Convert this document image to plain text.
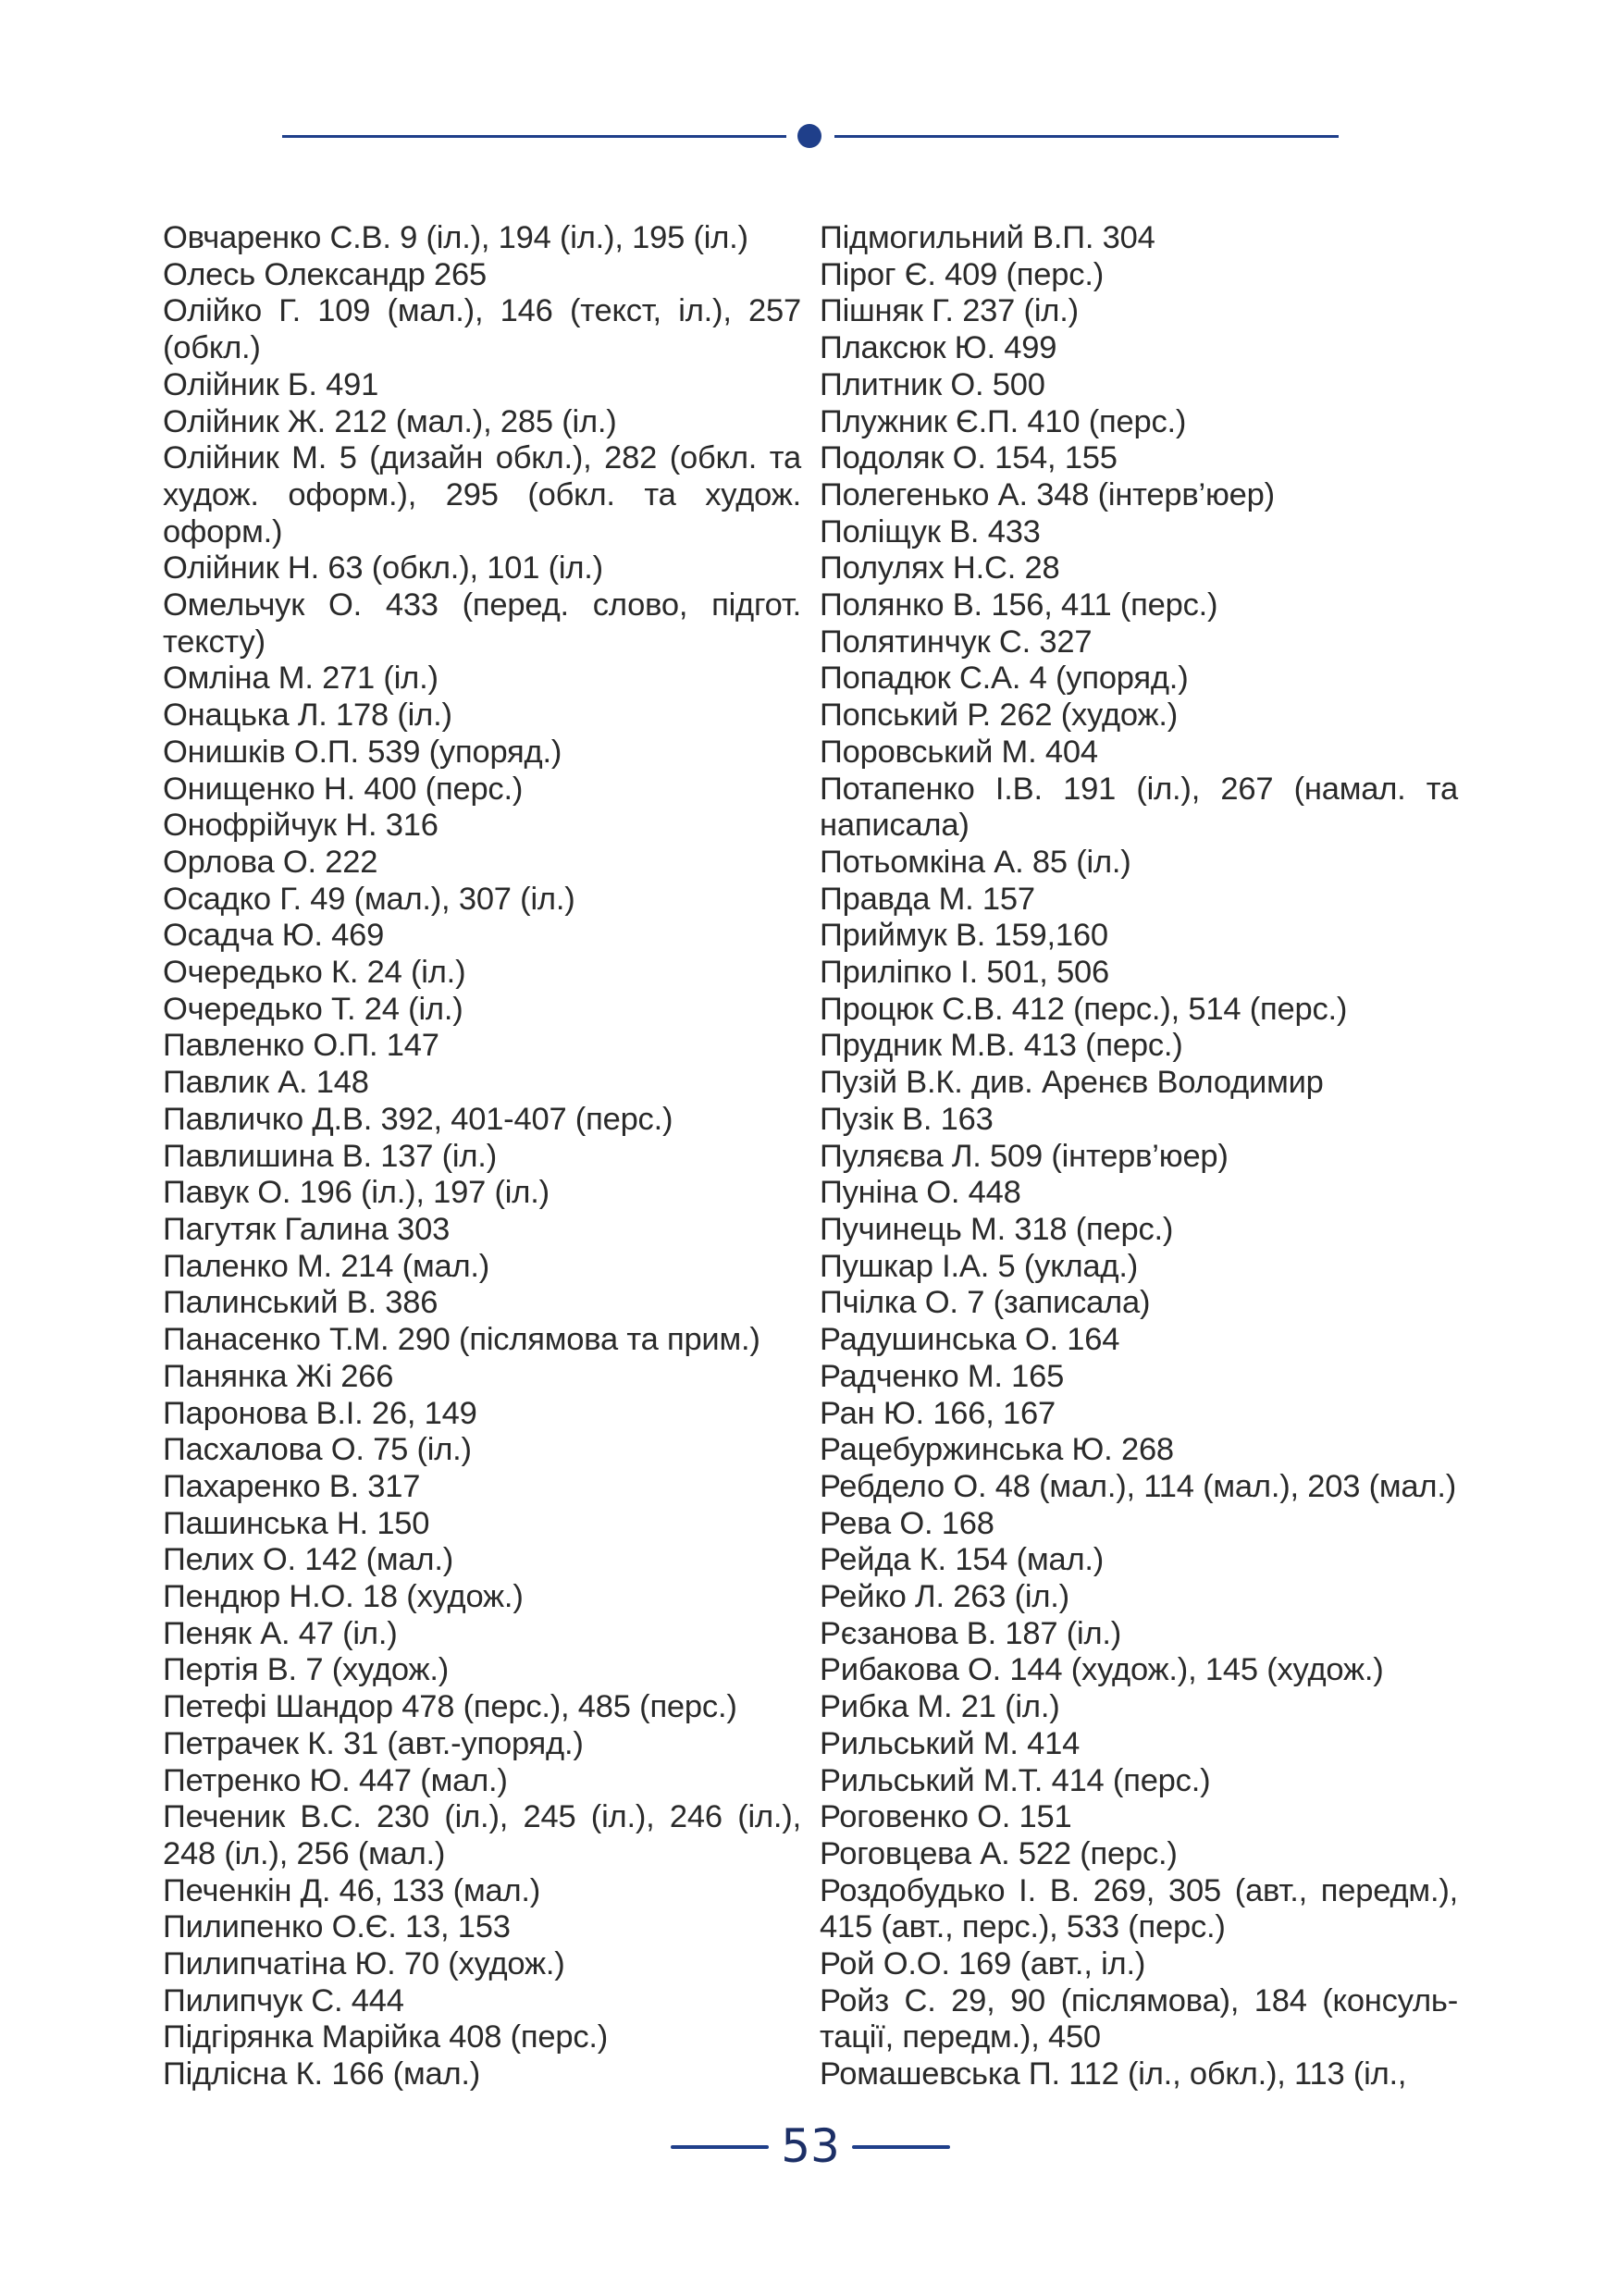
Овчаренко С.В. 9 (іл.), 194 (іл.), 195 (іл.)

Олесь Олександр 265

Олійко Г. 109 (мал.), 146 (текст, іл.), 257 (обкл.)

Олійник Б. 491

Олійник Ж. 212 (мал.), 285 (іл.)

Олійник М. 5 (дизайн обкл.), 282 (обкл. та худож. оформ.), 295 (обкл. та худож. оформ.)

Олійник Н. 63 (обкл.), 101 (іл.)

Омельчук О. 433 (перед. слово, підгот. тексту)

Омліна М. 271 (іл.)

Онацька Л. 178 (іл.)

Онишків О.П. 539 (упоряд.)

Онищенко Н. 400 (перс.)

Онофрійчук Н. 316

Орлова О. 222

Осадко Г. 49 (мал.), 307 (іл.)

Осадча Ю. 469

Очередько К. 24 (іл.)

Очередько Т. 24 (іл.)

Павленко О.П. 147

Павлик А. 148

Павличко Д.В. 392, 401-407 (перс.)

Павлишина В. 137 (іл.)

Павук О. 196 (іл.), 197 (іл.)

Пагутяк Галина 303

Паленко М. 214 (мал.)

Палинський В. 386

Панасенко Т.М. 290 (післямова та прим.)

Панянка Жі 266

Паронова В.І. 26, 149

Пасхалова О. 75 (іл.)

Пахаренко В. 317

Пашинська Н. 150

Пелих О. 142 (мал.)

Пендюр Н.О. 18 (худож.)

Пеняк А. 47 (іл.)

Пертія В. 7 (худож.)

Петефі Шандор 478 (перс.), 485 (перс.)

Петрачек К. 31 (авт.-упоряд.)

Петренко Ю. 447 (мал.)

Печеник В.С. 230 (іл.), 245 (іл.), 246 (іл.), 248 (іл.), 256 (мал.)

Печенкін Д. 46, 133 (мал.)

Пилипенко О.Є. 13, 153

Пилипчатіна Ю. 70 (худож.)

Пилипчук С. 444

Підгірянка Марійка 408 (перс.)

Підлісна К. 166 (мал.)

Підмогильний В.П. 304

Пірог Є. 409 (перс.)

Пішняк Г. 237 (іл.)

Плаксюк Ю. 499

Плитник О. 500

Плужник Є.П. 410 (перс.)

Подоляк О. 154, 155

Полегенько А. 348 (інтерв’юер)

Поліщук В. 433

Полулях Н.С. 28

Полянко В. 156, 411 (перс.)

Полятинчук С. 327

Попадюк С.А. 4 (упоряд.)

Попський Р. 262 (худож.)

Поровський М. 404

Потапенко І.В. 191 (іл.), 267 (намал. та написала)

Потьомкіна А. 85 (іл.)

Правда М. 157

Приймук В. 159,160

Приліпко І. 501, 506

Процюк С.В. 412 (перс.), 514 (перс.)

Прудник М.В. 413 (перс.)

Пузій В.К. див. Аренєв Володимир

Пузік В. 163

Пуляєва Л. 509 (інтерв’юер)

Пуніна О. 448

Пучинець М. 318 (перс.)

Пушкар І.А. 5 (уклад.)

Пчілка О. 7 (записала)

Радушинська О. 164

Радченко М. 165

Ран Ю. 166, 167

Рацебуржинська Ю. 268

Ребдело О. 48 (мал.), 114 (мал.), 203 (мал.)

Рева О. 168

Рейда К. 154 (мал.)

Рейко Л. 263 (іл.)

Рєзанова В. 187 (іл.)

Рибакова О. 144 (худож.), 145 (худож.)

Рибка М. 21 (іл.)

Рильський М. 414

Рильський М.Т. 414 (перс.)

Роговенко О. 151

Роговцева А. 522 (перс.)

Роздобудько І. В. 269, 305 (авт., передм.), 415 (авт., перс.), 533 (перс.)

Рой О.О. 169 (авт., іл.)

Ройз С. 29, 90 (післямова), 184 (консуль-тації, передм.), 450

Ромашевська П. 112 (іл., обкл.), 113 (іл.,

53
